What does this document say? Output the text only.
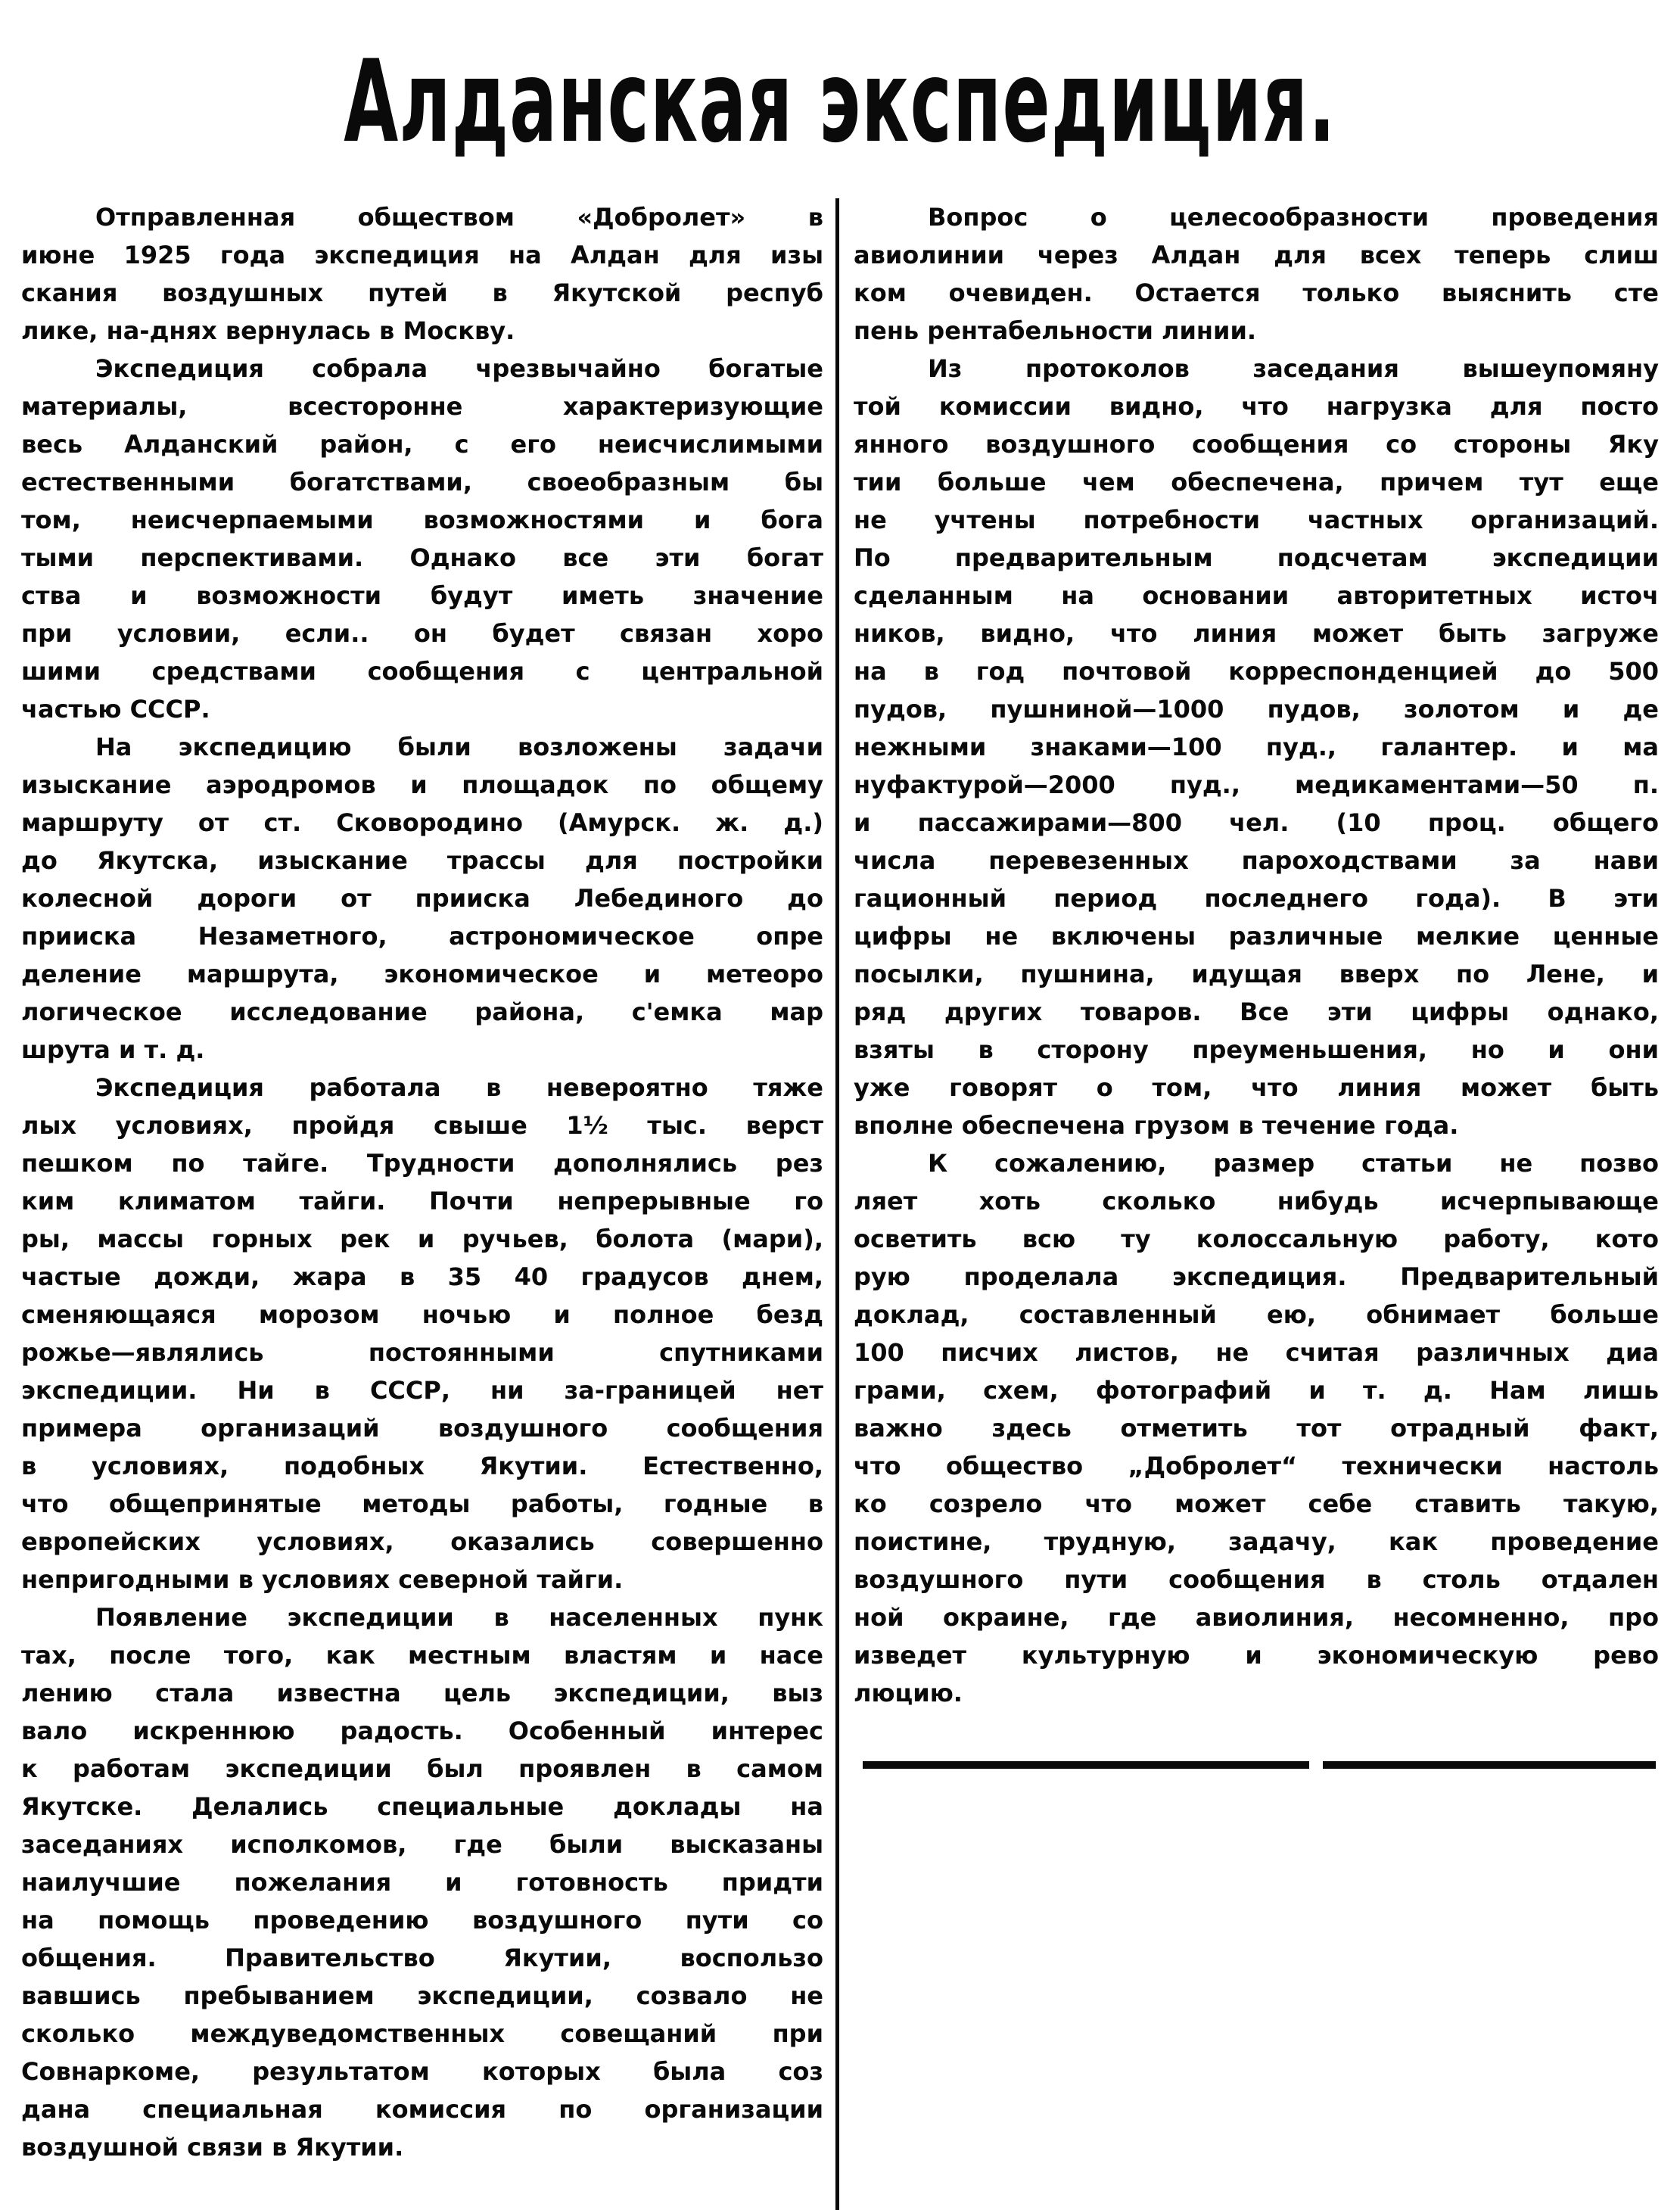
Алданская экспедиция.
Отправленная обществом «Добролет» в
июне 1925 года экспедиция на Алдан для изы
скания воздушных путей в Якутской респуб
лике, на-днях вернулась в Москву.
Экспедиция собрала чрезвычайно богатые
материалы, всесторонне характеризующие
весь Алданский район, с его неисчислимыми
естественными богатствами, своеобразным бы
том, неисчерпаемыми возможностями и бога
тыми перспективами. Однако все эти богат
ства и возможности будут иметь значение
при условии, если.. он будет связан хоро
шими средствами сообщения с центральной
частью СССР.
На экспедицию были возложены задачи
изыскание аэродромов и площадок по общему
маршруту от ст. Сковородино (Амурск. ж. д.)
до Якутска, изыскание трассы для постройки
колесной дороги от прииска Лебединого до
прииска Незаметного, астрономическое опре
деление маршрута, экономическое и метеоро
логическое исследование района, с'емка мар
шрута и т. д.
Экспедиция работала в невероятно тяже
лых условиях, пройдя свыше 1½ тыс. верст
пешком по тайге. Трудности дополнялись рез
ким климатом тайги. Почти непрерывные го
ры, массы горных рек и ручьев, болота (мари),
частые дожди, жара в 35 40 градусов днем,
сменяющаяся морозом ночью и полное безд
рожье—являлись постоянными спутниками
экспедиции. Ни в СССР, ни за-границей нет
примера организаций воздушного сообщения
в условиях, подобных Якутии. Естественно,
что общепринятые методы работы, годные в
европейских условиях, оказались совершенно
непригодными в условиях северной тайги.
Появление экспедиции в населенных пунк
тах, после того, как местным властям и насе
лению стала известна цель экспедиции, выз
вало искреннюю радость. Особенный интерес
к работам экспедиции был проявлен в самом
Якутске. Делались специальные доклады на
заседаниях исполкомов, где были высказаны
наилучшие пожелания и готовность придти
на помощь проведению воздушного пути со
общения. Правительство Якутии, воспользо
вавшись пребыванием экспедиции, созвало не
сколько междуведомственных совещаний при
Совнаркоме, результатом которых была соз
дана специальная комиссия по организации
воздушной связи в Якутии.
Вопрос о целесообразности проведения
авиолинии через Алдан для всех теперь слиш
ком очевиден. Остается только выяснить сте
пень рентабельности линии.
Из протоколов заседания вышеупомяну
той комиссии видно, что нагрузка для посто
янного воздушного сообщения со стороны Яку
тии больше чем обеспечена, причем тут еще
не учтены потребности частных организаций.
По предварительным подсчетам экспедиции
сделанным на основании авторитетных источ
ников, видно, что линия может быть загруже
на в год почтовой корреспонденцией до 500
пудов, пушниной—1000 пудов, золотом и де
нежными знаками—100 пуд., галантер. и ма
нуфактурой—2000 пуд., медикаментами—50 п.
и пассажирами—800 чел. (10 проц. общего
числа перевезенных пароходствами за нави
гационный период последнего года). В эти
цифры не включены различные мелкие ценные
посылки, пушнина, идущая вверх по Лене, и
ряд других товаров. Все эти цифры однако,
взяты в сторону преуменьшения, но и они
уже говорят о том, что линия может быть
вполне обеспечена грузом в течение года.
К сожалению, размер статьи не позво
ляет хоть сколько нибудь исчерпывающе
осветить всю ту колоссальную работу, кото
рую проделала экспедиция. Предварительный
доклад, составленный ею, обнимает больше
100 писчих листов, не считая различных диа
грами, схем, фотографий и т. д. Нам лишь
важно здесь отметить тот отрадный факт,
что общество „Добролет“ технически настоль
ко созрело что может себе ставить такую,
поистине, трудную, задачу, как проведение
воздушного пути сообщения в столь отдален
ной окраине, где авиолиния, несомненно, про
изведет культурную и экономическую рево
люцию.
